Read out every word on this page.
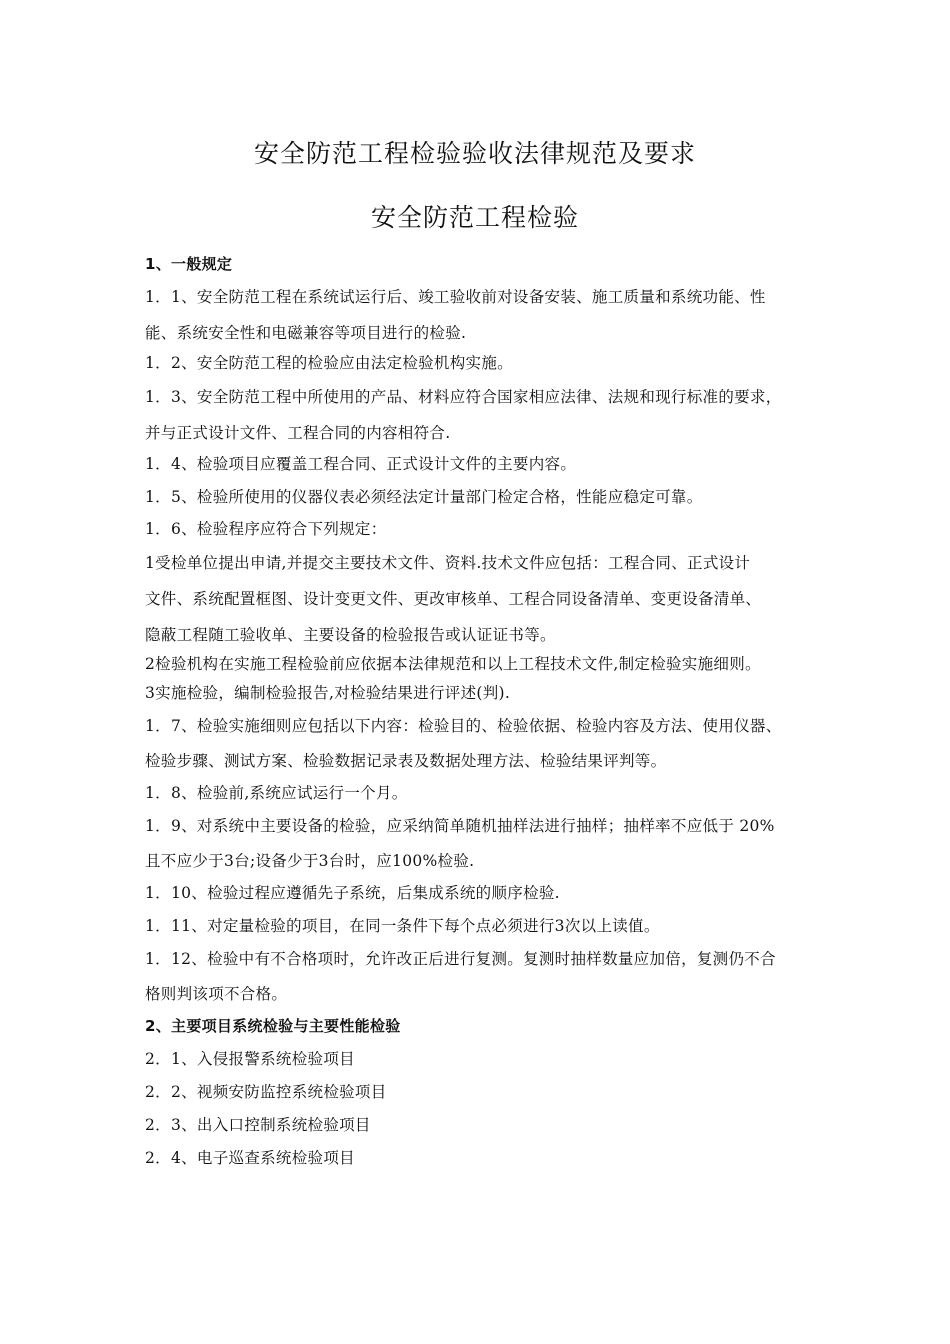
安全防范工程检验验收法律规范及要求
安全防范工程检验
1、一般规定
1．1、安全防范工程在系统试运行后、竣工验收前对设备安装、施工质量和系统功能、性
能、系统安全性和电磁兼容等项目进行的检验.
1．2、安全防范工程的检验应由法定检验机构实施。
1．3、安全防范工程中所使用的产品、材料应符合国家相应法律、法规和现行标准的要求，
并与正式设计文件、工程合同的内容相符合.
1．4、检验项目应覆盖工程合同、正式设计文件的主要内容。
1．5、检验所使用的仪器仪表必须经法定计量部门检定合格，性能应稳定可靠。
1．6、检验程序应符合下列规定：
1受检单位提出申请,并提交主要技术文件、资料.技术文件应包括：工程合同、正式设计
文件、系统配置框图、设计变更文件、更改审核单、工程合同设备清单、变更设备清单、
隐蔽工程随工验收单、主要设备的检验报告或认证证书等。
2检验机构在实施工程检验前应依据本法律规范和以上工程技术文件,制定检验实施细则。
3实施检验，编制检验报告,对检验结果进行评述(判).
1．7、检验实施细则应包括以下内容：检验目的、检验依据、检验内容及方法、使用仪器、
检验步骤、测试方案、检验数据记录表及数据处理方法、检验结果评判等。
1．8、检验前,系统应试运行一个月。
1．9、对系统中主要设备的检验，应采纳简单随机抽样法进行抽样；抽样率不应低于 20%
且不应少于3台;设备少于3台时，应100%检验.
1．10、检验过程应遵循先子系统，后集成系统的顺序检验.
1．11、对定量检验的项目，在同一条件下每个点必须进行3次以上读值。
1．12、检验中有不合格项时，允许改正后进行复测。复测时抽样数量应加倍，复测仍不合
格则判该项不合格。
2、主要项目系统检验与主要性能检验
2．1、入侵报警系统检验项目
2．2、视频安防监控系统检验项目
2．3、出入口控制系统检验项目
2．4、电子巡查系统检验项目
